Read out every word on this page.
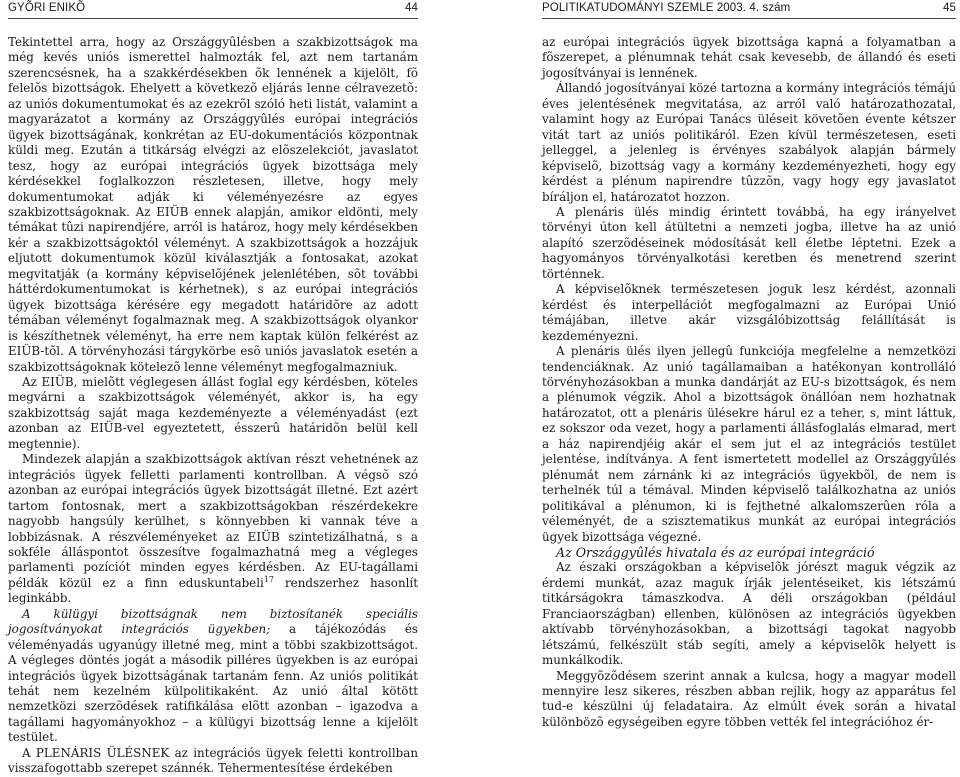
GYÕRI ENIKÕ	44

Tekintettel arra, hogy az Országgyûlésben a szakbizottságok ma még kevés uniós ismerettel halmozták fel, azt nem tartanám szerencsésnek, ha a szakkérdésekben õk lennének a kijelölt, fõ felelõs bizottságok. Ehelyett a következõ eljárás lenne célravezetõ: az uniós dokumentumokat és az ezekrõl szóló heti listát, valamint a magyarázatot a kormány az Országgyûlés európai integrációs ügyek bizottságának, konkrétan az EU-dokumentációs központnak küldi meg. Ezután a titkárság elvégzi az elõszelekciót, javaslatot tesz, hogy az európai integrációs ügyek bizottsága mely kérdésekkel foglalkozzon részletesen, illetve, hogy mely dokumentumokat adják ki véleményezésre az egyes szakbizottságoknak. Az EIÜB ennek alapján, amikor eldönti, mely témákat tûzi napirendjére, arról is határoz, hogy mely kérdésekben kér a szakbizottságoktól véleményt. A szakbizottságok a hozzájuk eljutott dokumentumok közül kiválasztják a fontosakat, azokat megvitatják (a kormány képviselõjének jelenlétében, sõt további háttérdokumentumokat is kérhetnek), s az európai integrációs ügyek bizottsága kérésére egy megadott határidõre az adott témában véleményt fogalmaznak meg. A szakbizottságok olyankor is készíthetnek véleményt, ha erre nem kaptak külön felkérést az EIÜB-tõl. A törvényhozási tárgykörbe esõ uniós javaslatok esetén a szakbizottságoknak kötelezõ lenne véleményt megfogalmazniuk.

Az EIÜB, mielõtt véglegesen állást foglal egy kérdésben, köteles megvárni a szakbizottságok véleményét, akkor is, ha egy szakbizottság saját maga kezdeményezte a véleményadást (ezt azonban az EIÜB-vel egyeztetett, ésszerû határidõn belül kell megtennie).

Mindezek alapján a szakbizottságok aktívan részt vehetnének az integrációs ügyek felletti parlamenti kontrollban. A végsõ szó azonban az európai integrációs ügyek bizottságát illetné. Ezt azért tartom fontosnak, mert a szakbizottságokban részérdekekre nagyobb hangsúly kerülhet, s könnyebben ki vannak téve a lobbizásnak. A részvéleményeket az EIÜB szintetizálhatná, s a sokféle álláspontot összesítve fogalmazhatná meg a végleges parlamenti pozíciót minden egyes kérdésben. Az EU-tagállami példák közül ez a finn eduskuntabeli$^{17}$ rendszerhez hasonlít leginkább.

A külügyi bizottságnak nem biztosítanék speciális jogosítványokat integrációs ügyekben; a tájékozódás és véleményadás ugyanúgy illetné meg, mint a többi szakbizottságot. A végleges döntés jogát a második pilléres ügyekben is az európai integrációs ügyek bizottságának tartanám fenn. Az uniós politikát tehát nem kezelném külpolitikaként. Az unió által kötött nemzetközi szerzõdések ratifikálása elõtt azonban – igazodva a tagállami hagyományokhoz – a külügyi bizottság lenne a kijelölt testület.

A PLENÁRIS ÜLÉSNEK az integrációs ügyek feletti kontrollban visszafogottabb szerepet szánnék. Tehermentesítése érdekében

POLITIKATUDOMÁNYI SZEMLE 2003. 4. szám	45

az európai integrációs ügyek bizottsága kapná a folyamatban a fõszerepet, a plénumnak tehát csak kevesebb, de állandó és eseti jogosítványai is lennének.

Állandó jogosítványai közé tartozna a kormány integrációs témájú éves jelentésének megvitatása, az arról való határozathozatal, valamint hogy az Európai Tanács üléseit követõen évente kétszer vitát tart az uniós politikáról. Ezen kívül természetesen, eseti jelleggel, a jelenleg is érvényes szabályok alapján bármely képviselõ, bizottság vagy a kormány kezdeményezheti, hogy egy kérdést a plénum napirendre tûzzõn, vagy hogy egy javaslatot bíráljon el, határozatot hozzon.

A plenáris ülés mindig érintett továbbá, ha egy irányelvet törvényi úton kell átültetni a nemzeti jogba, illetve ha az unió alapító szerzõdéseinek módosítását kell életbe léptetni. Ezek a hagyományos törvényalkotási keretben és menetrend szerint történnek.

A képviselõknek természetesen joguk lesz kérdést, azonnali kérdést és interpellációt megfogalmazni az Európai Unió témájában, illetve akár vizsgálóbizottság felállítását is kezdeményezni.

A plenáris ülés ilyen jellegû funkciója megfelelne a nemzetközi tendenciáknak. Az unió tagállamaiban a hatékonyan kontrolláló törvényhozásokban a munka dandárját az EU-s bizottságok, és nem a plénumok végzik. Ahol a bizottságok önállóan nem hozhatnak határozatot, ott a plenáris ülésekre hárul ez a teher, s, mint láttuk, ez sokszor oda vezet, hogy a parlamenti állásfoglalás elmarad, mert a ház napirendjéig akár el sem jut el az integrációs testület jelentése, indítványa. A fent ismertetett modellel az Országgyûlés plénumát nem zárnánk ki az integrációs ügyekbõl, de nem is terhelnék túl a témával. Minden képviselõ találkozhatna az uniós politikával a plénumon, ki is fejthetné alkalomszerûen róla a véleményét, de a szisztematikus munkát az európai integrációs ügyek bizottsága végezné.

Az Országgyûlés hivatala és az európai integráció

Az északi országokban a képviselõk jórészt maguk végzik az érdemi munkát, azaz maguk írják jelentéseiket, kis létszámú titkárságokra támaszkodva. A déli országokban (például Franciaországban) ellenben, különösen az integrációs ügyekben aktívabb törvényhozásokban, a bizottsági tagokat nagyobb létszámú, felkészült stáb segíti, amely a képviselõk helyett is munkálkodik.

Meggyõzõdésem szerint annak a kulcsa, hogy a magyar modell mennyire lesz sikeres, részben abban rejlik, hogy az apparátus fel tud-e készülni új feladataira. Az elmúlt évek során a hivatal különbözõ egységeiben egyre többen vették fel integrációhoz ér-
